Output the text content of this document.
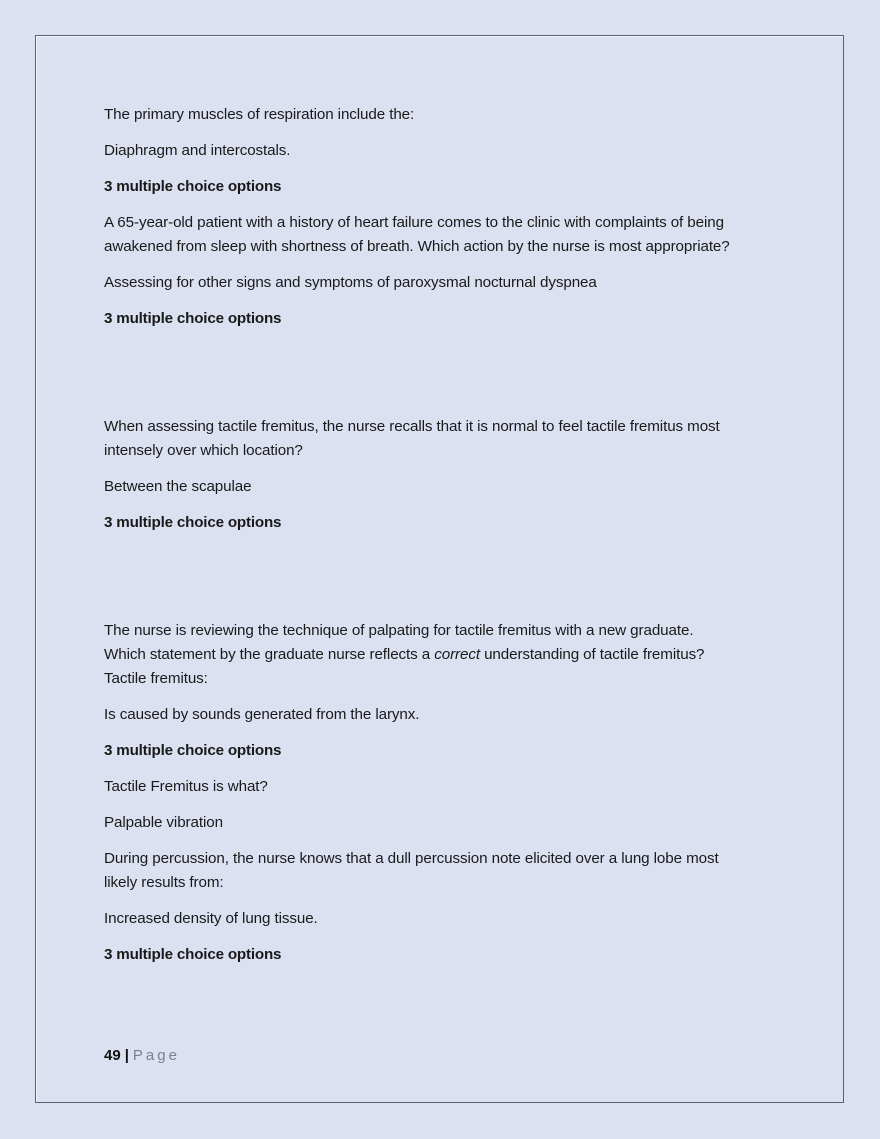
The primary muscles of respiration include the:
Diaphragm and intercostals.
3 multiple choice options
A 65-year-old patient with a history of heart failure comes to the clinic with complaints of being
awakened from sleep with shortness of breath. Which action by the nurse is most appropriate?
Assessing for other signs and symptoms of paroxysmal nocturnal dyspnea
3 multiple choice options
When assessing tactile fremitus, the nurse recalls that it is normal to feel tactile fremitus most
intensely over which location?
Between the scapulae
3 multiple choice options
The nurse is reviewing the technique of palpating for tactile fremitus with a new graduate.
Which statement by the graduate nurse reflects a correct understanding of tactile fremitus?
Tactile fremitus:
Is caused by sounds generated from the larynx.
3 multiple choice options
Tactile Fremitus is what?
Palpable vibration
During percussion, the nurse knows that a dull percussion note elicited over a lung lobe most
likely results from:
Increased density of lung tissue.
3 multiple choice options
49 | Page
